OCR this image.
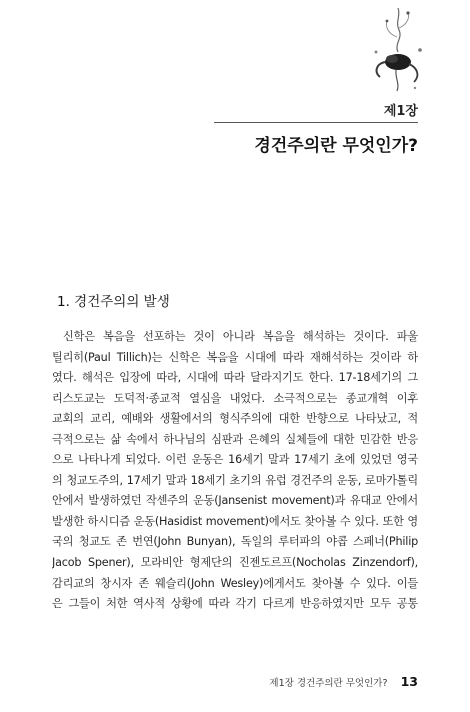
제1장
경건주의란 무엇인가?
1. 경건주의의 발생
신학은 복음을 선포하는 것이 아니라 복음을 해석하는 것이다. 파울
틸리히(Paul Tillich)는 신학은 복음을 시대에 따라 재해석하는 것이라 하
였다. 해석은 입장에 따라, 시대에 따라 달라지기도 한다. 17-18세기의 그
리스도교는 도덕적·종교적 열심을 내었다. 소극적으로는 종교개혁 이후
교회의 교리, 예배와 생활에서의 형식주의에 대한 반향으로 나타났고, 적
극적으로는 삶 속에서 하나님의 심판과 은혜의 실체들에 대한 민감한 반응
으로 나타나게 되었다. 이런 운동은 16세기 말과 17세기 초에 있었던 영국
의 청교도주의, 17세기 말과 18세기 초기의 유럽 경건주의 운동, 로마가톨릭
안에서 발생하였던 작센주의 운동(Jansenist movement)과 유대교 안에서
발생한 하시디즘 운동(Hasidist movement)에서도 찾아볼 수 있다. 또한 영
국의 청교도 존 번연(John Bunyan), 독일의 루터파의 야콥 스페너(Philip
Jacob Spener), 모라비안 형제단의 진젠도르프(Nocholas Zinzendorf),
감리교의 창시자 존 웨슬리(John Wesley)에게서도 찾아볼 수 있다. 이들
은 그들이 처한 역사적 상황에 따라 각기 다르게 반응하였지만 모두 공통
제1장 경건주의란 무엇인가? 13
